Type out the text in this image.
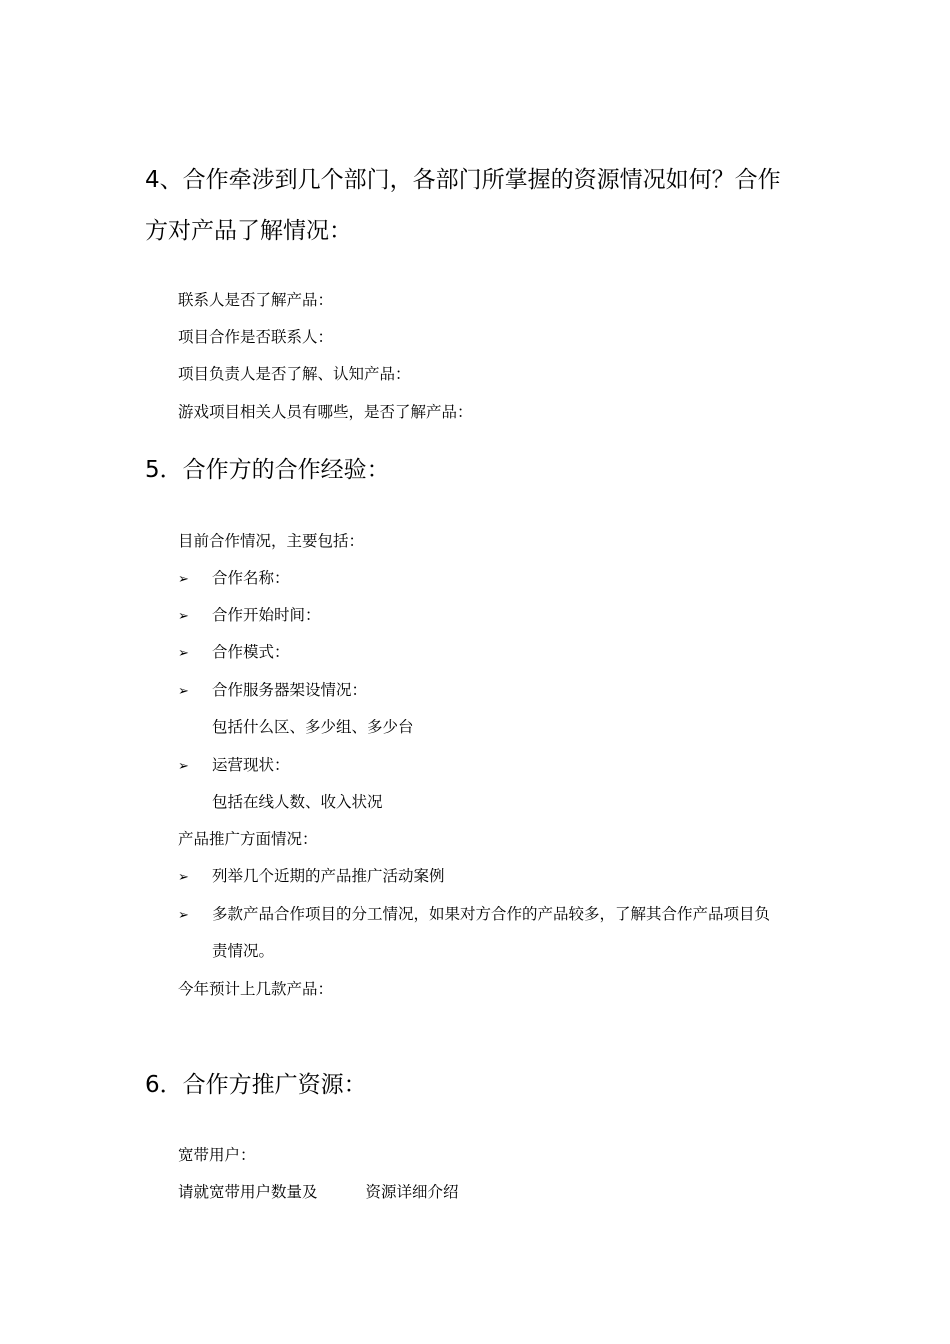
4、合作牵涉到几个部门，各部门所掌握的资源情况如何？合作
方对产品了解情况：

联系人是否了解产品：

项目合作是否联系人：

项目负责人是否了解、认知产品：

游戏项目相关人员有哪些，是否了解产品：

5．合作方的合作经验：

目前合作情况，主要包括：

➢ 合作名称：

➢ 合作开始时间：

➢ 合作模式：

➢ 合作服务器架设情况：

包括什么区、多少组、多少台

➢ 运营现状：

包括在线人数、收入状况

产品推广方面情况：

➢ 列举几个近期的产品推广活动案例

➢ 多款产品合作项目的分工情况，如果对方合作的产品较多，了解其合作产品项目负

责情况。

今年预计上几款产品：

6．合作方推广资源：

宽带用户：

请就宽带用户数量及	资源详细介绍
